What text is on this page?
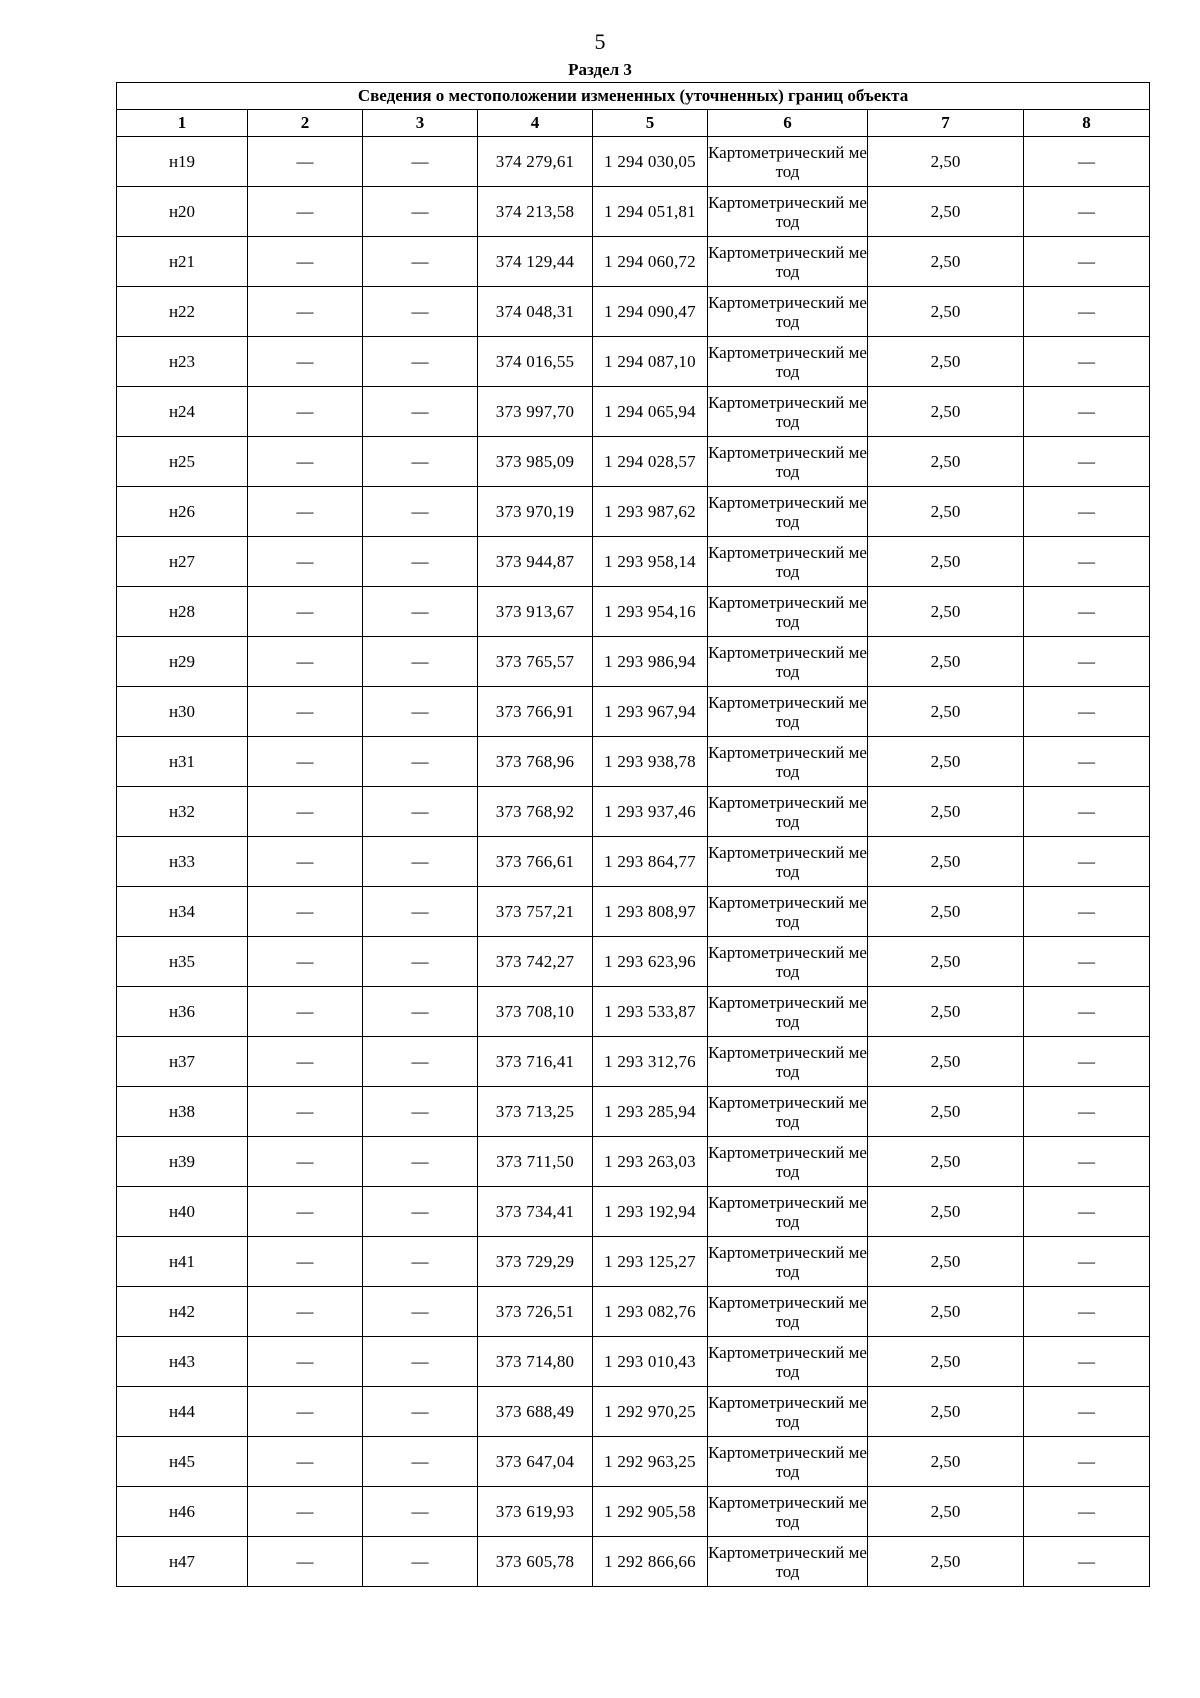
5
Раздел 3
Сведения о местоположении измененных (уточненных) границ объекта							
1	2	3	4	5	6	7	8
н19	—	—	374 279,61	1 294 030,05	Картометрический метод	2,50	—
н20	—	—	374 213,58	1 294 051,81	Картометрический метод	2,50	—
н21	—	—	374 129,44	1 294 060,72	Картометрический метод	2,50	—
н22	—	—	374 048,31	1 294 090,47	Картометрический метод	2,50	—
н23	—	—	374 016,55	1 294 087,10	Картометрический метод	2,50	—
н24	—	—	373 997,70	1 294 065,94	Картометрический метод	2,50	—
н25	—	—	373 985,09	1 294 028,57	Картометрический метод	2,50	—
н26	—	—	373 970,19	1 293 987,62	Картометрический метод	2,50	—
н27	—	—	373 944,87	1 293 958,14	Картометрический метод	2,50	—
н28	—	—	373 913,67	1 293 954,16	Картометрический метод	2,50	—
н29	—	—	373 765,57	1 293 986,94	Картометрический метод	2,50	—
н30	—	—	373 766,91	1 293 967,94	Картометрический метод	2,50	—
н31	—	—	373 768,96	1 293 938,78	Картометрический метод	2,50	—
н32	—	—	373 768,92	1 293 937,46	Картометрический метод	2,50	—
н33	—	—	373 766,61	1 293 864,77	Картометрический метод	2,50	—
н34	—	—	373 757,21	1 293 808,97	Картометрический метод	2,50	—
н35	—	—	373 742,27	1 293 623,96	Картометрический метод	2,50	—
н36	—	—	373 708,10	1 293 533,87	Картометрический метод	2,50	—
н37	—	—	373 716,41	1 293 312,76	Картометрический метод	2,50	—
н38	—	—	373 713,25	1 293 285,94	Картометрический метод	2,50	—
н39	—	—	373 711,50	1 293 263,03	Картометрический метод	2,50	—
н40	—	—	373 734,41	1 293 192,94	Картометрический метод	2,50	—
н41	—	—	373 729,29	1 293 125,27	Картометрический метод	2,50	—
н42	—	—	373 726,51	1 293 082,76	Картометрический метод	2,50	—
н43	—	—	373 714,80	1 293 010,43	Картометрический метод	2,50	—
н44	—	—	373 688,49	1 292 970,25	Картометрический метод	2,50	—
н45	—	—	373 647,04	1 292 963,25	Картометрический метод	2,50	—
н46	—	—	373 619,93	1 292 905,58	Картометрический метод	2,50	—
н47	—	—	373 605,78	1 292 866,66	Картометрический метод	2,50	—
